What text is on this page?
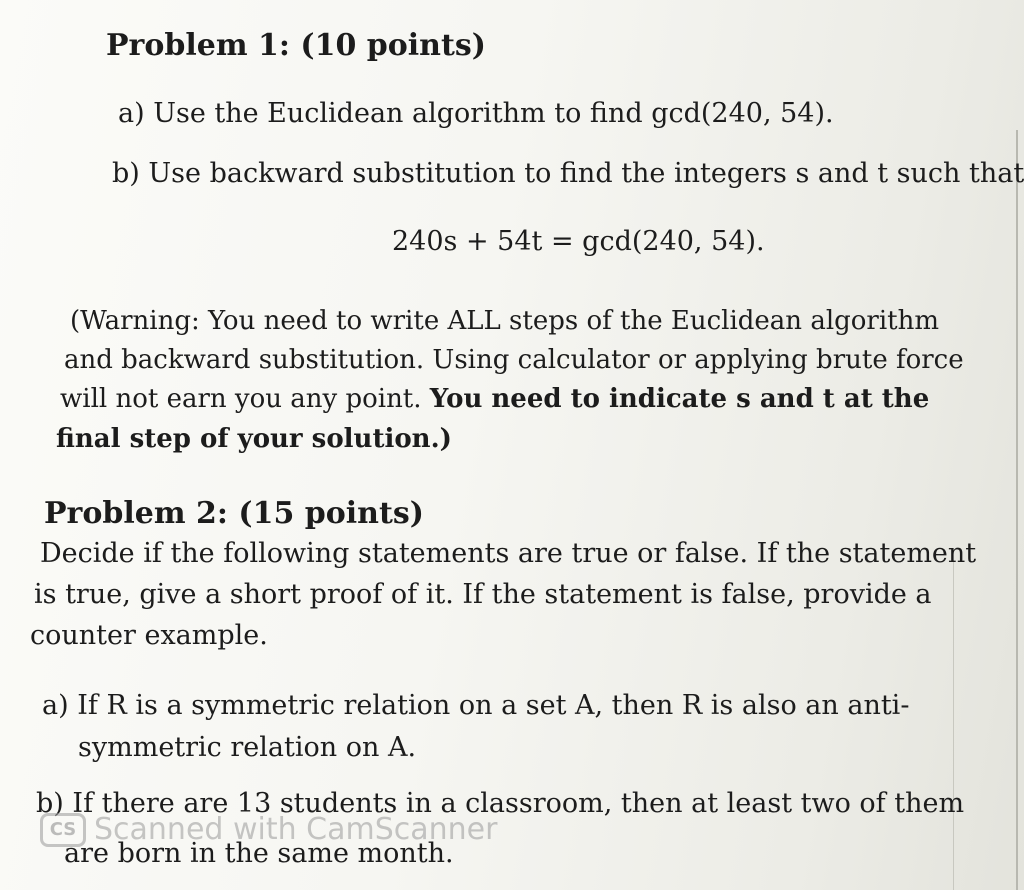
Problem 1: (10 points)
a) Use the Euclidean algorithm to find gcd(240, 54).
b) Use backward substitution to find the integers s and t such that
240s + 54t = gcd(240, 54).
(Warning: You need to write ALL steps of the Euclidean algorithm
and backward substitution. Using calculator or applying brute force
will not earn you any point. You need to indicate s and t at the
final step of your solution.)
Problem 2: (15 points)
Decide if the following statements are true or false. If the statement
is true, give a short proof of it. If the statement is false, provide a
counter example.
a) If R is a symmetric relation on a set A, then R is also an anti-
symmetric relation on A.
b) If there are 13 students in a classroom, then at least two of them
are born in the same month.
CS Scanned with CamScanner
